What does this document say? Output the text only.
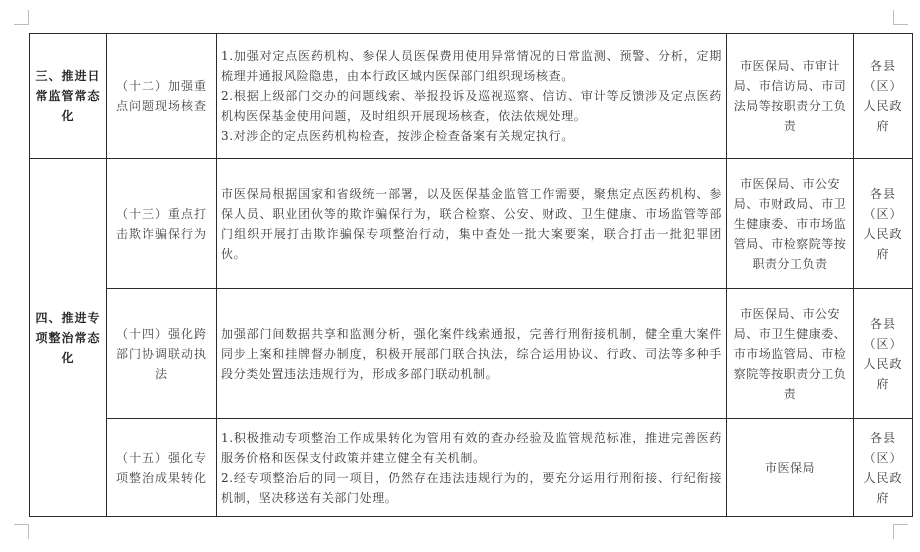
三、推进日常监管常态化	（十二）加强重点问题现场核查	1.加强对定点医药机构、参保人员医保费用使用异常情况的日常监测、预警、分析，定期梳理并通报风险隐患，由本行政区域内医保部门组织现场核查。
2.根据上级部门交办的问题线索、举报投诉及巡视巡察、信访、审计等反馈涉及定点医药机构医保基金使用问题，及时组织开展现场核查，依法依规处理。
3.对涉企的定点医药机构检查，按涉企检查备案有关规定执行。	市医保局、市审计局、市信访局、市司法局等按职责分工负责	各县（区）人民政府
四、推进专项整治常态化	（十三）重点打击欺诈骗保行为	市医保局根据国家和省级统一部署，以及医保基金监管工作需要，聚焦定点医药机构、参保人员、职业团伙等的欺诈骗保行为，联合检察、公安、财政、卫生健康、市场监管等部门组织开展打击欺诈骗保专项整治行动，集中查处一批大案要案，联合打击一批犯罪团伙。	市医保局、市公安局、市财政局、市卫生健康委、市市场监管局、市检察院等按职责分工负责	各县（区）人民政府
	（十四）强化跨部门协调联动执法	加强部门间数据共享和监测分析，强化案件线索通报，完善行刑衔接机制，健全重大案件同步上案和挂牌督办制度，积极开展部门联合执法，综合运用协议、行政、司法等多种手段分类处置违法违规行为，形成多部门联动机制。	市医保局、市公安局、市卫生健康委、市市场监管局、市检察院等按职责分工负责	各县（区）人民政府
	（十五）强化专项整治成果转化	1.积极推动专项整治工作成果转化为管用有效的查办经验及监管规范标准，推进完善医药服务价格和医保支付政策并建立健全有关机制。
2.经专项整治后的同一项目，仍然存在违法违规行为的，要充分运用行刑衔接、行纪衔接机制，坚决移送有关部门处理。	市医保局	各县（区）人民政府
